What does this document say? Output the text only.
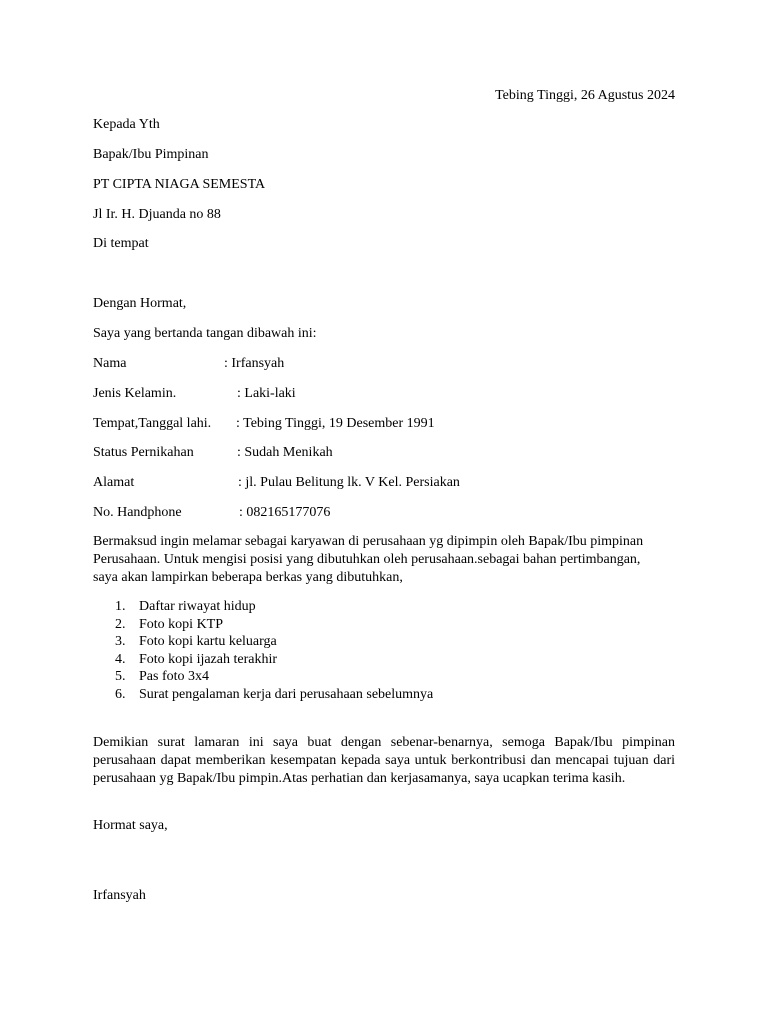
Tebing Tinggi, 26 Agustus 2024
Kepada Yth
Bapak/Ibu Pimpinan
PT CIPTA NIAGA SEMESTA
Jl Ir. H. Djuanda no 88
Di tempat
Dengan Hormat,
Saya yang bertanda tangan dibawah ini:
Nama	: Irfansyah
Jenis Kelamin.	: Laki-laki
Tempat,Tanggal lahi. : Tebing Tinggi, 19 Desember 1991
Status Pernikahan	: Sudah Menikah
Alamat	: jl. Pulau Belitung lk. V Kel. Persiakan
No. Handphone	: 082165177076
Bermaksud ingin melamar sebagai karyawan di perusahaan yg dipimpin oleh Bapak/Ibu pimpinan
Perusahaan. Untuk mengisi posisi yang dibutuhkan oleh perusahaan.sebagai bahan pertimbangan,
saya akan lampirkan beberapa berkas yang dibutuhkan,
1. Daftar riwayat hidup
2. Foto kopi KTP
3. Foto kopi kartu keluarga
4. Foto kopi ijazah terakhir
5. Pas foto 3x4
6. Surat pengalaman kerja dari perusahaan sebelumnya
Demikian surat lamaran ini saya buat dengan sebenar-benarnya, semoga Bapak/Ibu pimpinan
perusahaan dapat memberikan kesempatan kepada saya untuk berkontribusi dan mencapai tujuan dari
perusahaan yg Bapak/Ibu pimpin.Atas perhatian dan kerjasamanya, saya ucapkan terima kasih.
Hormat saya,
Irfansyah
